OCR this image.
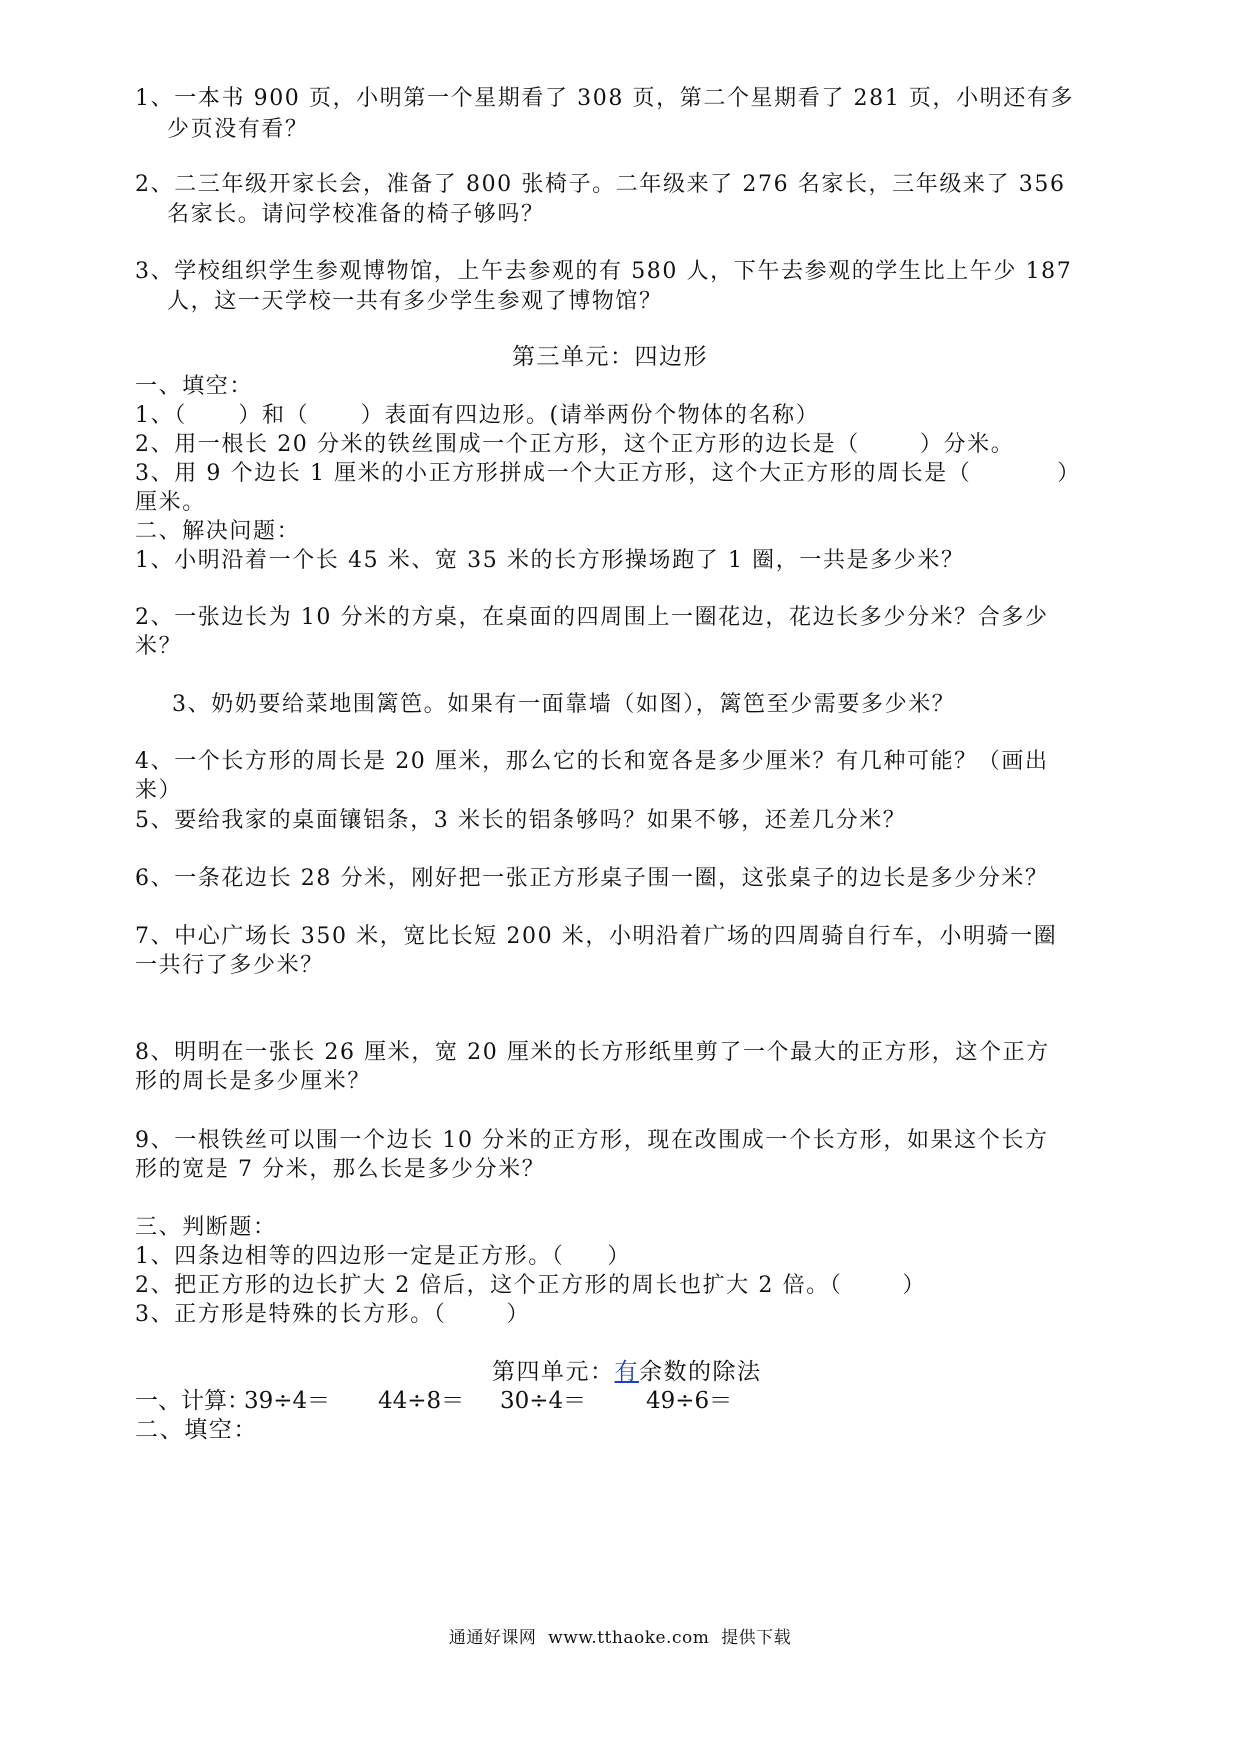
1、一本书 900 页，小明第一个星期看了 308 页，第二个星期看了 281 页，小明还有多
少页没有看？
2、二三年级开家长会，准备了 800 张椅子。二年级来了 276 名家长，三年级来了 356
名家长。请问学校准备的椅子够吗？
3、学校组织学生参观博物馆，上午去参观的有 580 人，下午去参观的学生比上午少 187
人，这一天学校一共有多少学生参观了博物馆？
第三单元：四边形
一、填空：
1、（      ）和（      ）表面有四边形。(请举两份个物体的名称）
2、用一根长 20 分米的铁丝围成一个正方形，这个正方形的边长是（       ）分米。
3、用 9 个边长 1 厘米的小正方形拼成一个大正方形，这个大正方形的周长是（          ）
厘米。
二、解决问题：
1、小明沿着一个长 45 米、宽 35 米的长方形操场跑了 1 圈，一共是多少米？
2、一张边长为 10 分米的方桌，在桌面的四周围上一圈花边，花边长多少分米？合多少
米？
3、奶奶要给菜地围篱笆。如果有一面靠墙（如图），篱笆至少需要多少米？
4、一个长方形的周长是 20 厘米，那么它的长和宽各是多少厘米？有几种可能？（画出
来）
5、要给我家的桌面镶铝条，3 米长的铝条够吗？如果不够，还差几分米？
6、一条花边长 28 分米，刚好把一张正方形桌子围一圈，这张桌子的边长是多少分米？
7、中心广场长 350 米，宽比长短 200 米，小明沿着广场的四周骑自行车，小明骑一圈
一共行了多少米？
8、明明在一张长 26 厘米，宽 20 厘米的长方形纸里剪了一个最大的正方形，这个正方
形的周长是多少厘米？
9、一根铁丝可以围一个边长 10 分米的正方形，现在改围成一个长方形，如果这个长方
形的宽是 7 分米，那么长是多少分米？
三、判断题：
1、四条边相等的四边形一定是正方形。（     ）
2、把正方形的边长扩大 2 倍后，这个正方形的周长也扩大 2 倍。（       ）
3、正方形是特殊的长方形。（       ）
第四单元：有余数的除法
一、计算：
39÷4＝ 44÷8＝ 30÷4＝	49÷6＝
二、填空：
通通好课网  www.tthaoke.com  提供下载
